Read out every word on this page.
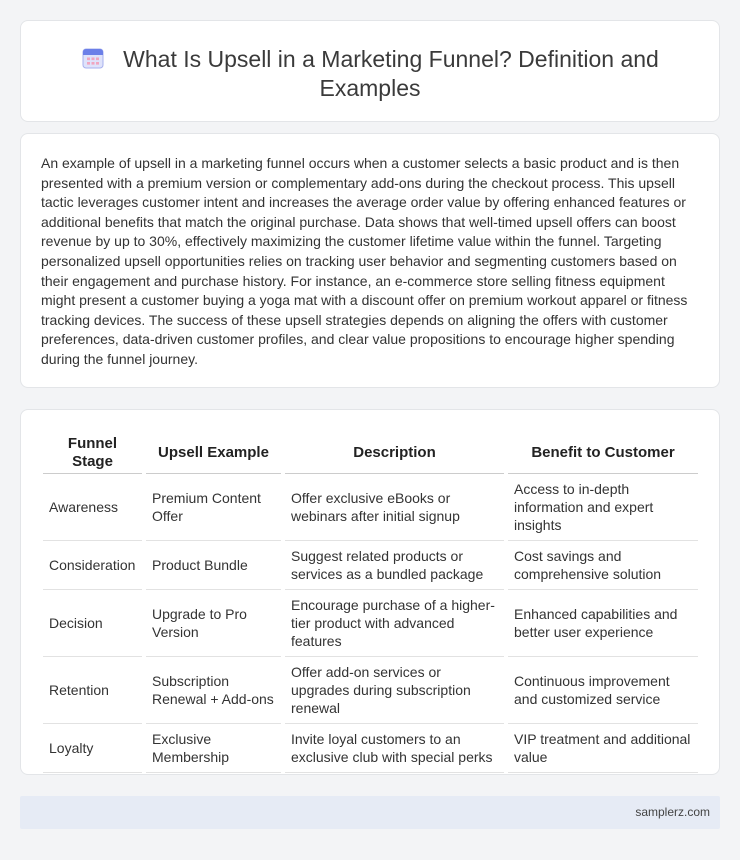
What Is Upsell in a Marketing Funnel? Definition and Examples

An example of upsell in a marketing funnel occurs when a customer selects a basic product and is then presented with a premium version or complementary add-ons during the checkout process. This upsell tactic leverages customer intent and increases the average order value by offering enhanced features or additional benefits that match the original purchase. Data shows that well-timed upsell offers can boost revenue by up to 30%, effectively maximizing the customer lifetime value within the funnel. Targeting personalized upsell opportunities relies on tracking user behavior and segmenting customers based on their engagement and purchase history. For instance, an e-commerce store selling fitness equipment might present a customer buying a yoga mat with a discount offer on premium workout apparel or fitness tracking devices. The success of these upsell strategies depends on aligning the offers with customer preferences, data-driven customer profiles, and clear value propositions to encourage higher spending during the funnel journey.

Funnel Stage	Upsell Example	Description	Benefit to Customer
Awareness	Premium Content Offer	Offer exclusive eBooks or webinars after initial signup	Access to in-depth information and expert insights
Consideration	Product Bundle	Suggest related products or services as a bundled package	Cost savings and comprehensive solution
Decision	Upgrade to Pro Version	Encourage purchase of a higher-tier product with advanced features	Enhanced capabilities and better user experience
Retention	Subscription Renewal + Add-ons	Offer add-on services or upgrades during subscription renewal	Continuous improvement and customized service
Loyalty	Exclusive Membership	Invite loyal customers to an exclusive club with special perks	VIP treatment and additional value
samplerz.com
